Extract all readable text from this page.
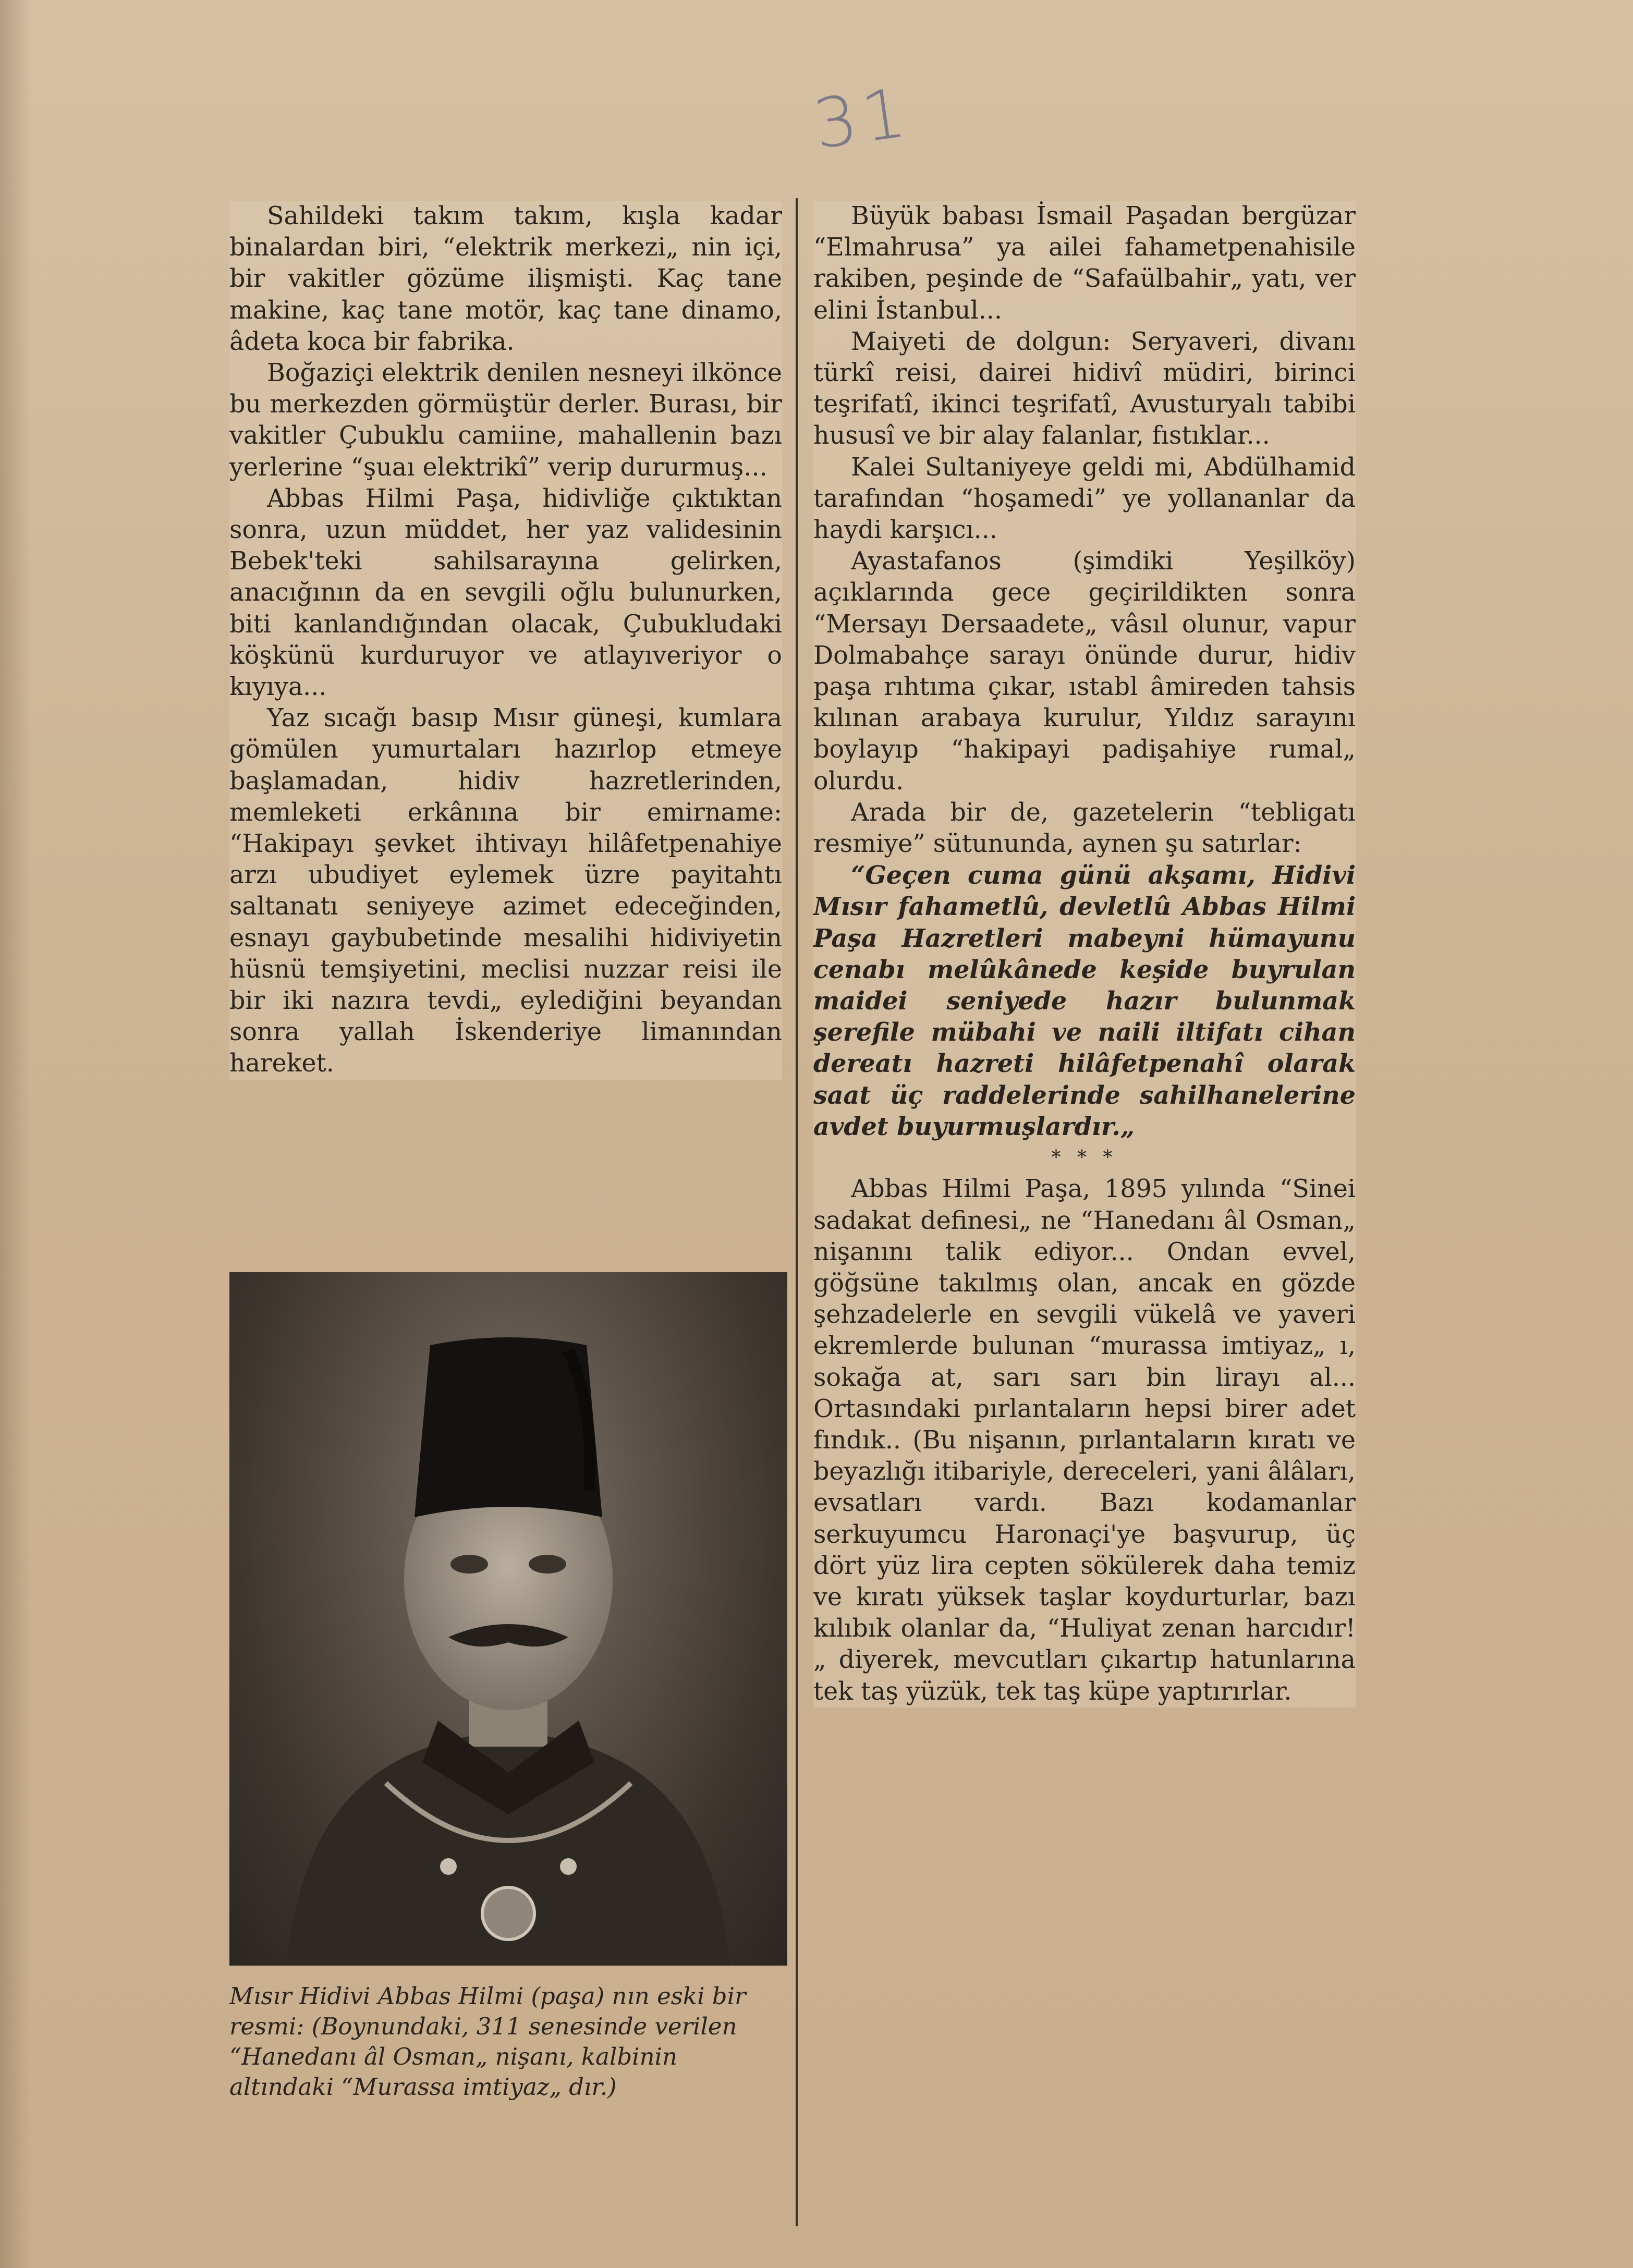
31

Sahildeki takım takım, kışla kadar binalardan biri, “elektrik merkezi„ nin içi, bir vakitler gözüme ilişmişti. Kaç tane makine, kaç tane motör, kaç tane dinamo, âdeta koca bir fabrika.

Boğaziçi elektrik denilen nesneyi ilkönce bu merkezden görmüştür derler. Burası, bir vakitler Çubuklu camiine, mahallenin bazı yerlerine “şuaı elektrikî” verip dururmuş...

Abbas Hilmi Paşa, hidivliğe çıktıktan sonra, uzun müddet, her yaz validesinin Bebek'teki sahilsarayına gelirken, anacığının da en sevgili oğlu bulunurken, biti kanlandığından olacak, Çubukludaki köşkünü kurduruyor ve atlayıveriyor o kıyıya...

Yaz sıcağı basıp Mısır güneşi, kumlara gömülen yumurtaları hazırlop etmeye başlamadan, hidiv hazretlerinden, memleketi erkânına bir emirname: “Hakipayı şevket ihtivayı hilâfetpenahiye arzı ubudiyet eylemek üzre payitahtı saltanatı seniyeye azimet edeceğinden, esnayı gaybubetinde mesalihi hidiviyetin hüsnü temşiyetini, meclisi nuzzar reisi ile bir iki nazıra tevdi„ eylediğini beyandan sonra yallah İskenderiye limanından hareket.

Mısır Hidivi Abbas Hilmi (paşa) nın eski bir resmi: (Boynundaki, 311 senesinde verilen “Hanedanı âl Osman„ nişanı, kalbinin altındaki “Murassa imtiyaz„ dır.)

Büyük babası İsmail Paşadan bergüzar “Elmahrusa” ya ailei fahametpenahisile rakiben, peşinde de “Safaülbahir„ yatı, ver elini İstanbul...

Maiyeti de dolgun: Seryaveri, divanı türkî reisi, dairei hidivî müdiri, birinci teşrifatî, ikinci teşrifatî, Avusturyalı tabibi hususî ve bir alay falanlar, fıstıklar...

Kalei Sultaniyeye geldi mi, Abdülhamid tarafından “hoşamedi” ye yollananlar da haydi karşıcı...

Ayastafanos (şimdiki Yeşilköy) açıklarında gece geçirildikten sonra “Mersayı Dersaadete„ vâsıl olunur, vapur Dolmabahçe sarayı önünde durur, hidiv paşa rıhtıma çıkar, ıstabl âmireden tahsis kılınan arabaya kurulur, Yıldız sarayını boylayıp “hakipayi padişahiye rumal„ olurdu.

Arada bir de, gazetelerin “tebligatı resmiye” sütununda, aynen şu satırlar:

“Geçen cuma günü akşamı, Hidivi Mısır fahametlû, devletlû Abbas Hilmi Paşa Hazretleri mabeyni hümayunu cenabı melûkânede keşide buyrulan maidei seniyede hazır bulunmak şerefile mübahi ve naili iltifatı cihan dereatı hazreti hilâfetpenahî olarak saat üç raddelerinde sahilhanelerine avdet buyurmuşlardır.„

* * *

Abbas Hilmi Paşa, 1895 yılında “Sinei sadakat definesi„ ne “Hanedanı âl Osman„ nişanını talik ediyor... Ondan evvel, göğsüne takılmış olan, ancak en gözde şehzadelerle en sevgili vükelâ ve yaveri ekremlerde bulunan “murassa imtiyaz„ ı, sokağa at, sarı sarı bin lirayı al... Ortasındaki pırlantaların hepsi birer adet fındık.. (Bu nişanın, pırlantaların kıratı ve beyazlığı itibariyle, dereceleri, yani âlâları, evsatları vardı. Bazı kodamanlar serkuyumcu Haronaçi'ye başvurup, üç dört yüz lira cepten sökülerek daha temiz ve kıratı yüksek taşlar koydurturlar, bazı kılıbık olanlar da, “Huliyat zenan harcıdır!„ diyerek, mevcutları çıkartıp hatunlarına tek taş yüzük, tek taş küpe yaptırırlar.
